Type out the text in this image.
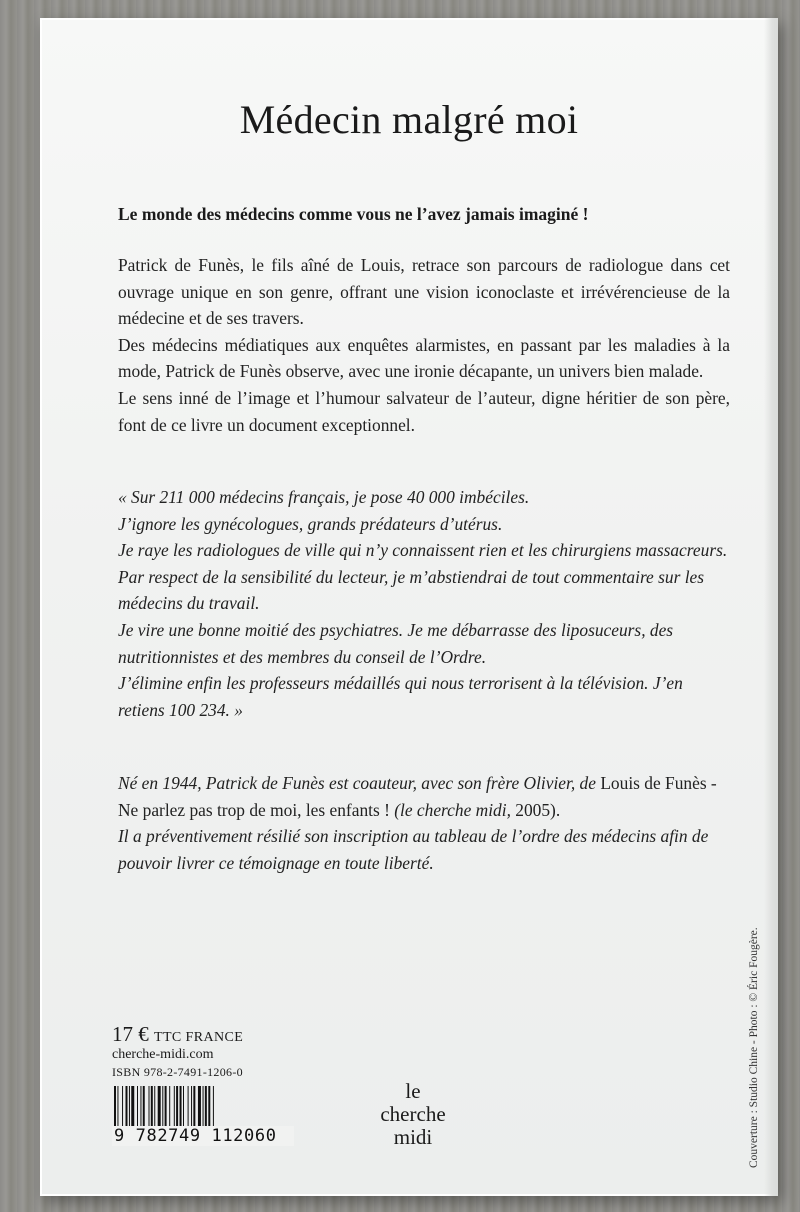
Médecin malgré moi
Le monde des médecins comme vous ne l’avez jamais imaginé !

Patrick de Funès, le fils aîné de Louis, retrace son parcours de radiologue dans cet ouvrage unique en son genre, offrant une vision iconoclaste et irrévérencieuse de la médecine et de ses travers.

Des médecins médiatiques aux enquêtes alarmistes, en passant par les maladies à la mode, Patrick de Funès observe, avec une ironie décapante, un univers bien malade.

Le sens inné de l’image et l’humour salvateur de l’auteur, digne héritier de son père, font de ce livre un document exceptionnel.

« Sur 211 000 médecins français, je pose 40 000 imbéciles.

J’ignore les gynécologues, grands prédateurs d’utérus.

Je raye les radiologues de ville qui n’y connaissent rien et les chirurgiens massacreurs.

Par respect de la sensibilité du lecteur, je m’abstiendrai de tout commentaire sur les médecins du travail.

Je vire une bonne moitié des psychiatres. Je me débarrasse des liposuceurs, des nutritionnistes et des membres du conseil de l’Ordre.

J’élimine enfin les professeurs médaillés qui nous terrorisent à la télévision. J’en retiens 100 234. »

Né en 1944, Patrick de Funès est coauteur, avec son frère Olivier, de Louis de Funès - Ne parlez pas trop de moi, les enfants ! (le cherche midi, 2005).

Il a préventivement résilié son inscription au tableau de l’ordre des médecins afin de pouvoir livrer ce témoignage en toute liberté.

Couverture : Studio Chine - Photo : © Éric Fougère.
17 € TTC FRANCE
cherche-midi.com
ISBN 978-2-7491-1206-0
9 782749 112060
le
cherche
midi
